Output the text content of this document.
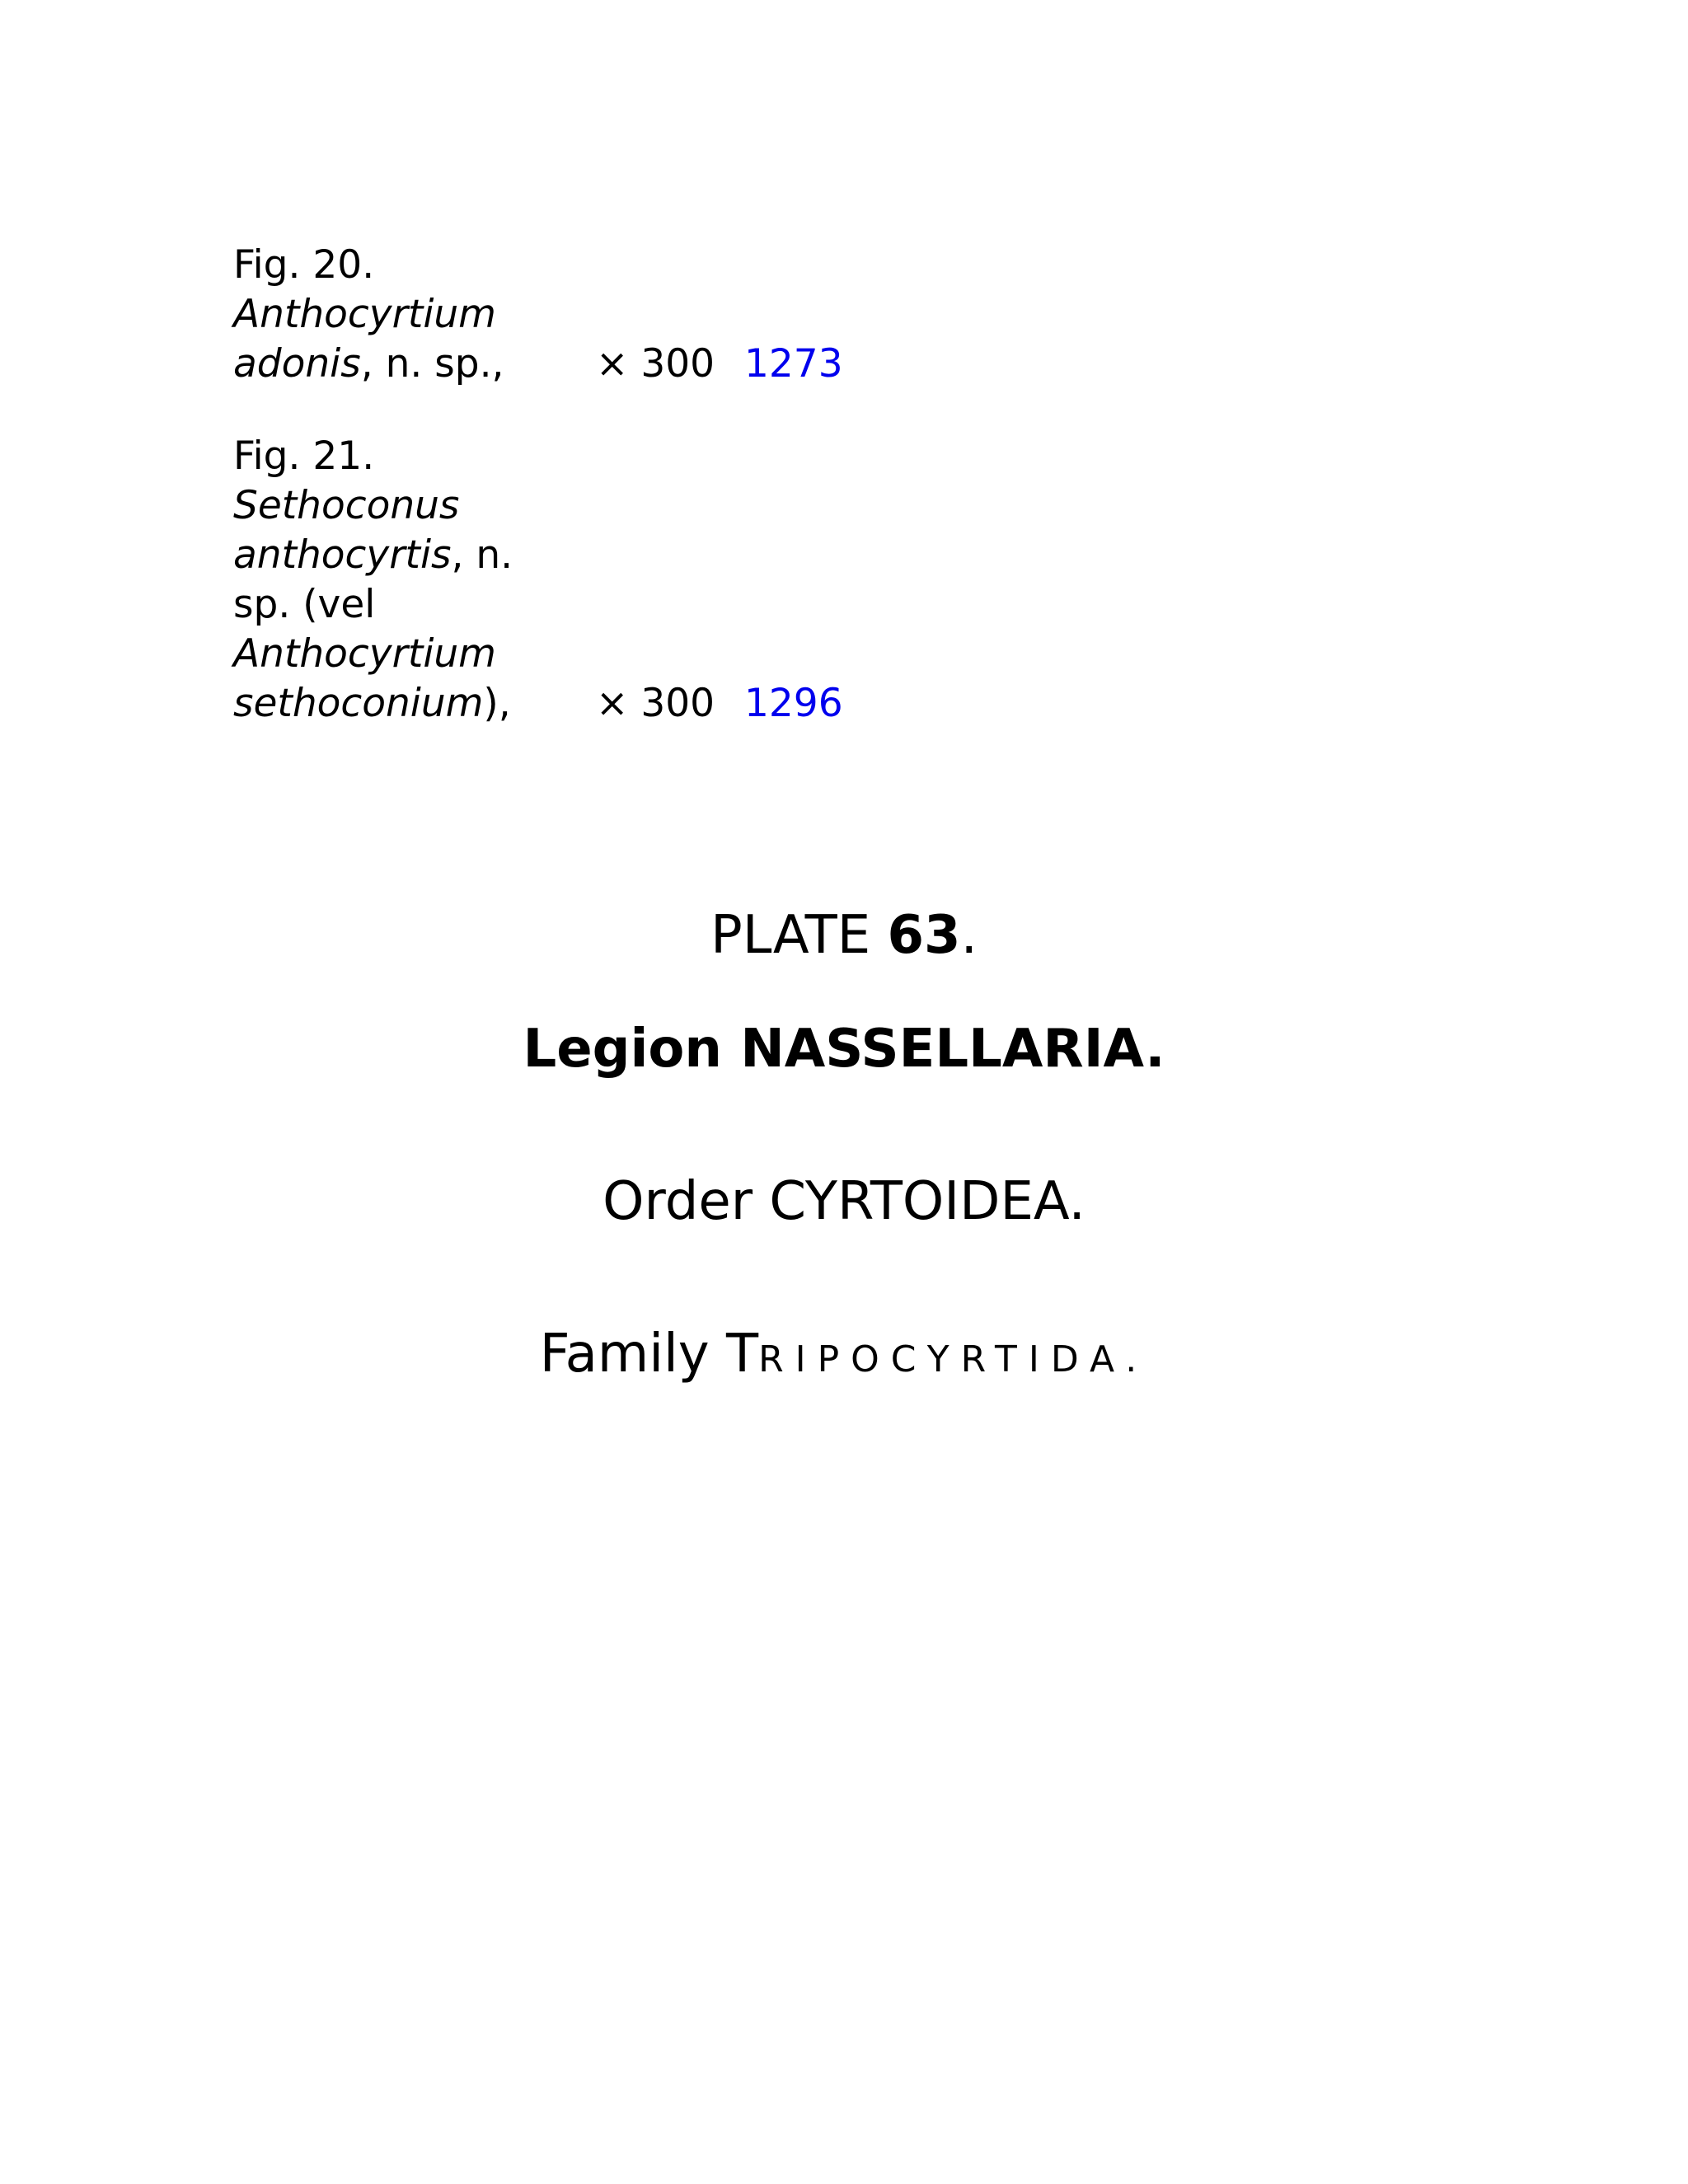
Fig. 20.
Anthocyrtium
adonis, n. sp., × 300 1273
Fig. 21.
Sethoconus
anthocyrtis, n.
sp. (vel
Anthocyrtium
sethoconium), × 300 1296
PLATE 63.
Legion NASSELLARIA.
Order CYRTOIDEA.
Family TRIPOCYRTIDA.
